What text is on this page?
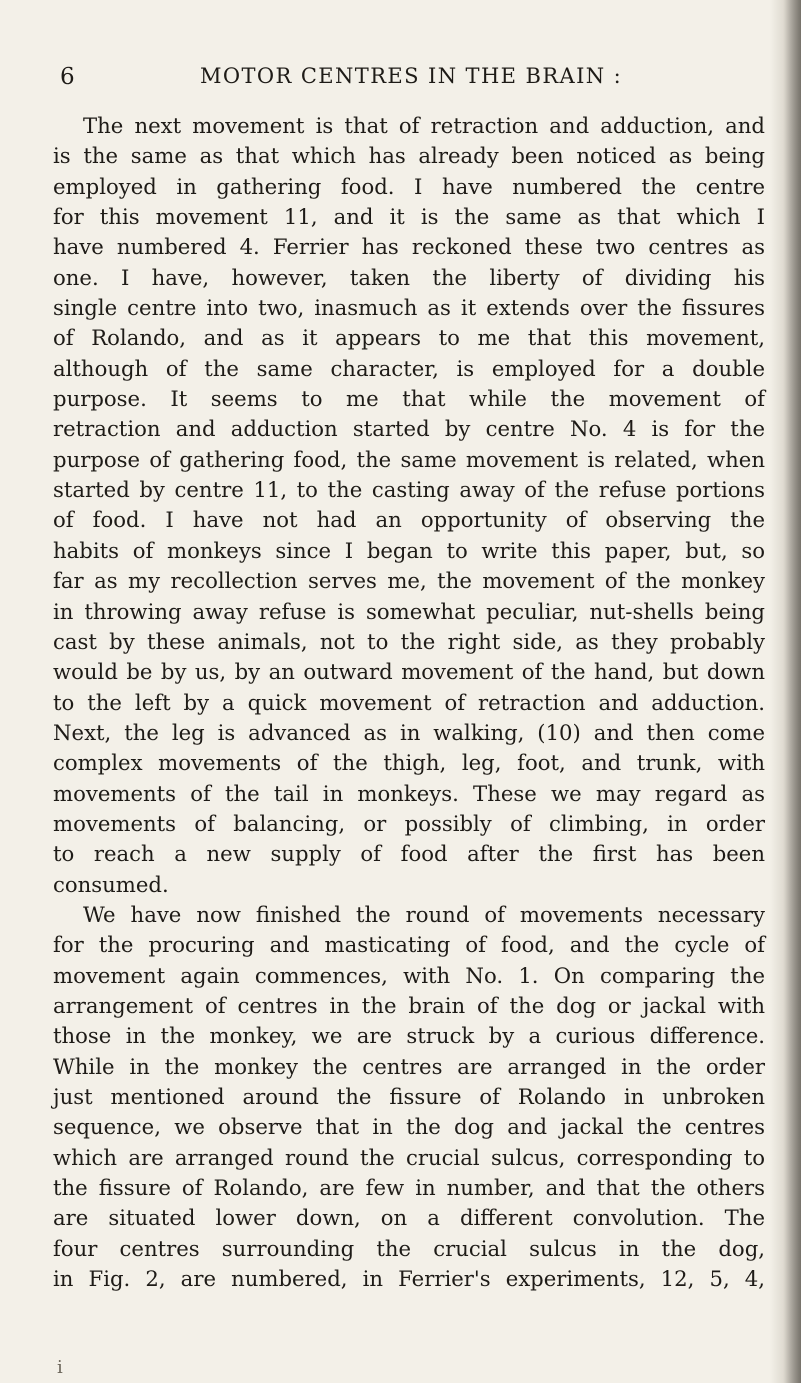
6	MOTOR CENTRES IN THE BRAIN :
The next movement is that of retraction and adduction, and
is the same as that which has already been noticed as being
employed in gathering food. I have numbered the centre
for this movement 11, and it is the same as that which I
have numbered 4. Ferrier has reckoned these two centres as
one. I have, however, taken the liberty of dividing his
single centre into two, inasmuch as it extends over the fissures
of Rolando, and as it appears to me that this movement,
although of the same character, is employed for a double
purpose. It seems to me that while the movement of
retraction and adduction started by centre No. 4 is for the
purpose of gathering food, the same movement is related, when
started by centre 11, to the casting away of the refuse portions
of food. I have not had an opportunity of observing the
habits of monkeys since I began to write this paper, but, so
far as my recollection serves me, the movement of the monkey
in throwing away refuse is somewhat peculiar, nut-shells being
cast by these animals, not to the right side, as they probably
would be by us, by an outward movement of the hand, but down
to the left by a quick movement of retraction and adduction.
Next, the leg is advanced as in walking, (10) and then come
complex movements of the thigh, leg, foot, and trunk, with
movements of the tail in monkeys. These we may regard as
movements of balancing, or possibly of climbing, in order
to reach a new supply of food after the first has been
consumed.
We have now finished the round of movements necessary
for the procuring and masticating of food, and the cycle of
movement again commences, with No. 1. On comparing the
arrangement of centres in the brain of the dog or jackal with
those in the monkey, we are struck by a curious difference.
While in the monkey the centres are arranged in the order
just mentioned around the fissure of Rolando in unbroken
sequence, we observe that in the dog and jackal the centres
which are arranged round the crucial sulcus, corresponding to
the fissure of Rolando, are few in number, and that the others
are situated lower down, on a different convolution. The
four centres surrounding the crucial sulcus in the dog,
in Fig. 2, are numbered, in Ferrier's experiments, 12, 5, 4,
i
